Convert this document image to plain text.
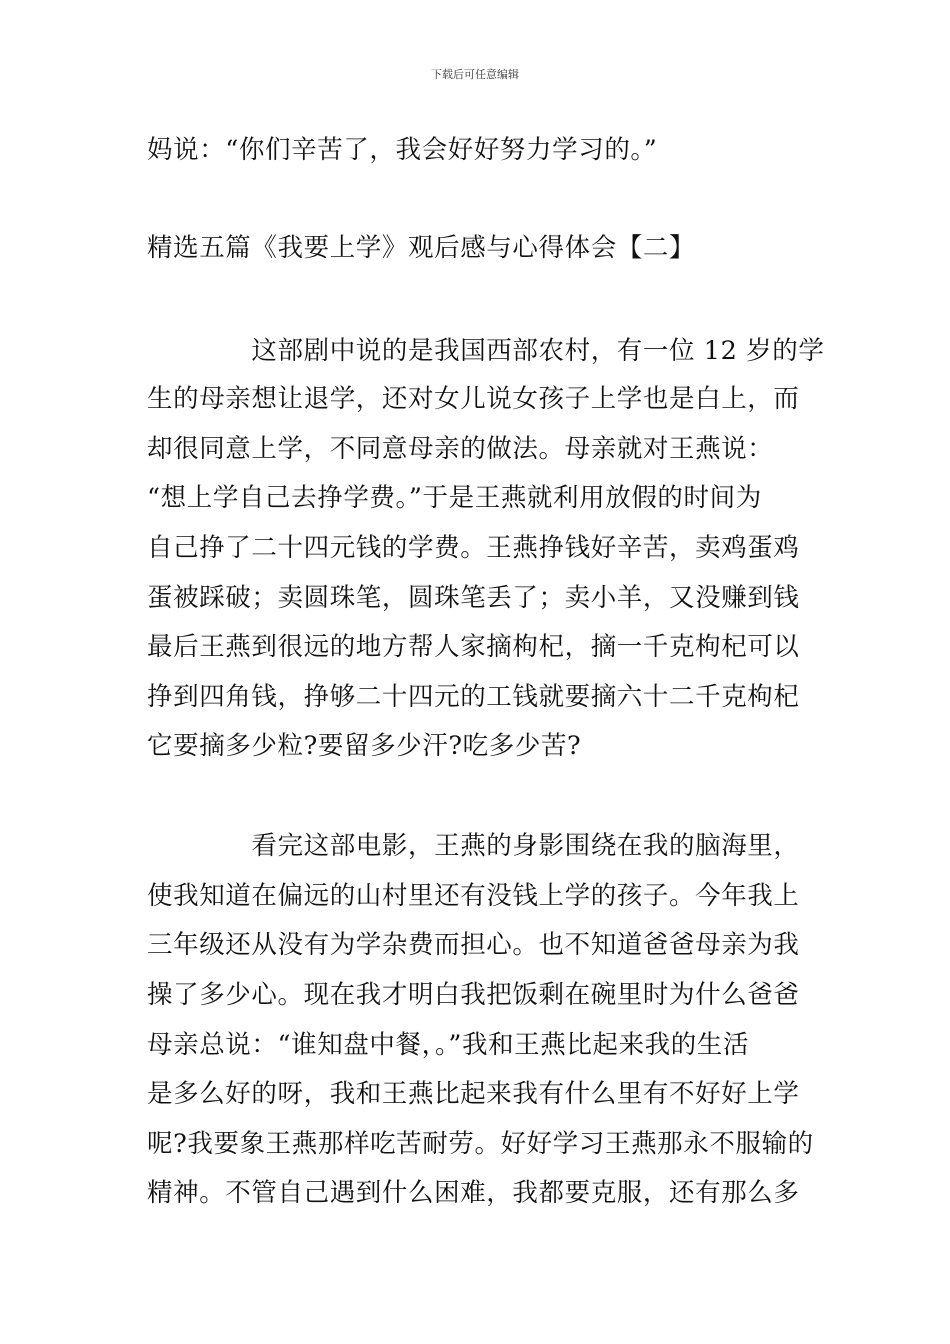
下载后可任意编辑
妈说：“你们辛苦了，我会好好努力学习的。”
精选五篇《我要上学》观后感与心得体会【二】
　　　　这部剧中说的是我国西部农村，有一位 12 岁的学
生的母亲想让退学，还对女儿说女孩子上学也是白上，而
却很同意上学，不同意母亲的做法。母亲就对王燕说：
“想上学自己去挣学费。”于是王燕就利用放假的时间为
自己挣了二十四元钱的学费。王燕挣钱好辛苦，卖鸡蛋鸡
蛋被踩破；卖圆珠笔，圆珠笔丢了；卖小羊，又没赚到钱
最后王燕到很远的地方帮人家摘枸杞，摘一千克枸杞可以
挣到四角钱，挣够二十四元的工钱就要摘六十二千克枸杞
它要摘多少粒?要留多少汗?吃多少苦?
　　　　看完这部电影，王燕的身影围绕在我的脑海里，
使我知道在偏远的山村里还有没钱上学的孩子。今年我上
三年级还从没有为学杂费而担心。也不知道爸爸母亲为我
操了多少心。现在我才明白我把饭剩在碗里时为什么爸爸
母亲总说：“谁知盘中餐，。”我和王燕比起来我的生活
是多么好的呀，我和王燕比起来我有什么里有不好好上学
呢?我要象王燕那样吃苦耐劳。好好学习王燕那永不服输的
精神。不管自己遇到什么困难，我都要克服，还有那么多
